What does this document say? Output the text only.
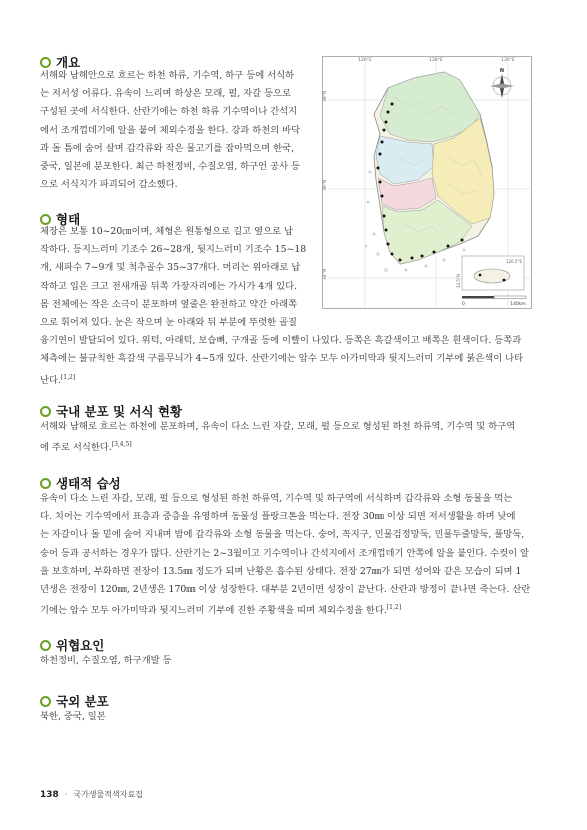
개요
서해와 남해안으로 흐르는 하천 하류, 기수역, 하구 등에 서식하
는 저서성 어류다. 유속이 느리며 하상은 모래, 펄, 자갈 등으로
구성된 곳에 서식한다. 산란기에는 하천 하류 기수역이나 간석지
에서 조개껍데기에 알을 붙여 체외수정을 한다. 강과 하천의 바닥
과 돌 틈에 숨어 살며 갑각류와 작은 물고기를 잡아먹으며 한국,
중국, 일본에 분포한다. 최근 하천정비, 수질오염, 하구언 공사 등
으로 서식지가 파괴되어 감소했다.
형태
체장은 보통 10~20㎝이며, 체형은 원통형으로 길고 옆으로 납
작하다. 등지느러미 기조수 26~28개, 뒷지느러미 기조수 15~18
개, 새파수 7~9개 및 척추골수 35~37개다. 머리는 위아래로 납
작하고 입은 크고 전새개골 뒤쪽 가장자리에는 가시가 4개 있다.
몸 전체에는 작은 소극이 분포하며 옆줄은 완전하고 약간 아래쪽
으로 휘어져 있다. 눈은 작으며 눈 아래와 뒤 부분에 뚜렷한 골질
융기연이 발달되어 있다. 위턱, 아래턱, 보습뼈, 구개골 등에 이빨이 나있다. 등쪽은 흑갈색이고 배쪽은 흰색이다. 등쪽과
체측에는 불규칙한 흑갈색 구름무늬가 4~5개 있다. 산란기에는 암수 모두 아가미막과 뒷지느러미 기부에 붉은색이 나타
난다.[1,2]
국내 분포 및 서식 현황
서해와 남해로 흐르는 하천에 분포하며, 유속이 다소 느린 자갈, 모래, 펄 등으로 형성된 하천 하류역, 기수역 및 하구역
에 주로 서식한다.[3,4,5]
생태적 습성
유속이 다소 느린 자갈, 모래, 펄 등으로 형성된 하천 하류역, 기수역 및 하구역에 서식하며 갑각류와 소형 동물을 먹는
다. 치어는 기수역에서 표층과 중층을 유영하며 동물성 플랑크톤을 먹는다. 전장 30㎜ 이상 되면 저서생활을 하며 낮에
는 자갈이나 돌 밑에 숨어 지내며 밤에 갑각류와 소형 동물을 먹는다. 숭어, 꼭지구, 민물검정망둑, 민물두줄망둑, 풀망둑,
숭어 등과 공서하는 경우가 많다. 산란기는 2~3월이고 기수역이나 간석지에서 조개껍데기 안쪽에 알을 붙인다. 수컷이 알
을 보호하며, 부화하면 전장이 13.5㎜ 정도가 되며 난황은 흡수된 상태다. 전장 27㎜가 되면 성어와 같은 모습이 되며 1
년생은 전장이 120㎜, 2년생은 170㎜ 이상 성장한다. 대부분 2년이면 성장이 끝난다. 산란과 방정이 끝나면 죽는다. 산란
기에는 암수 모두 아가미막과 뒷지느러미 기부에 진한 주황색을 띠며 체외수정을 한다.[1,2]
위협요인
하천정비, 수질오염, 하구개발 등
국외 분포
북한, 중국, 일본
126°E	128°E	130°E
38°N
36°N
34°N
N
126.5°E
33.5°N
0	140km
138 · 국가생물적색자료집
